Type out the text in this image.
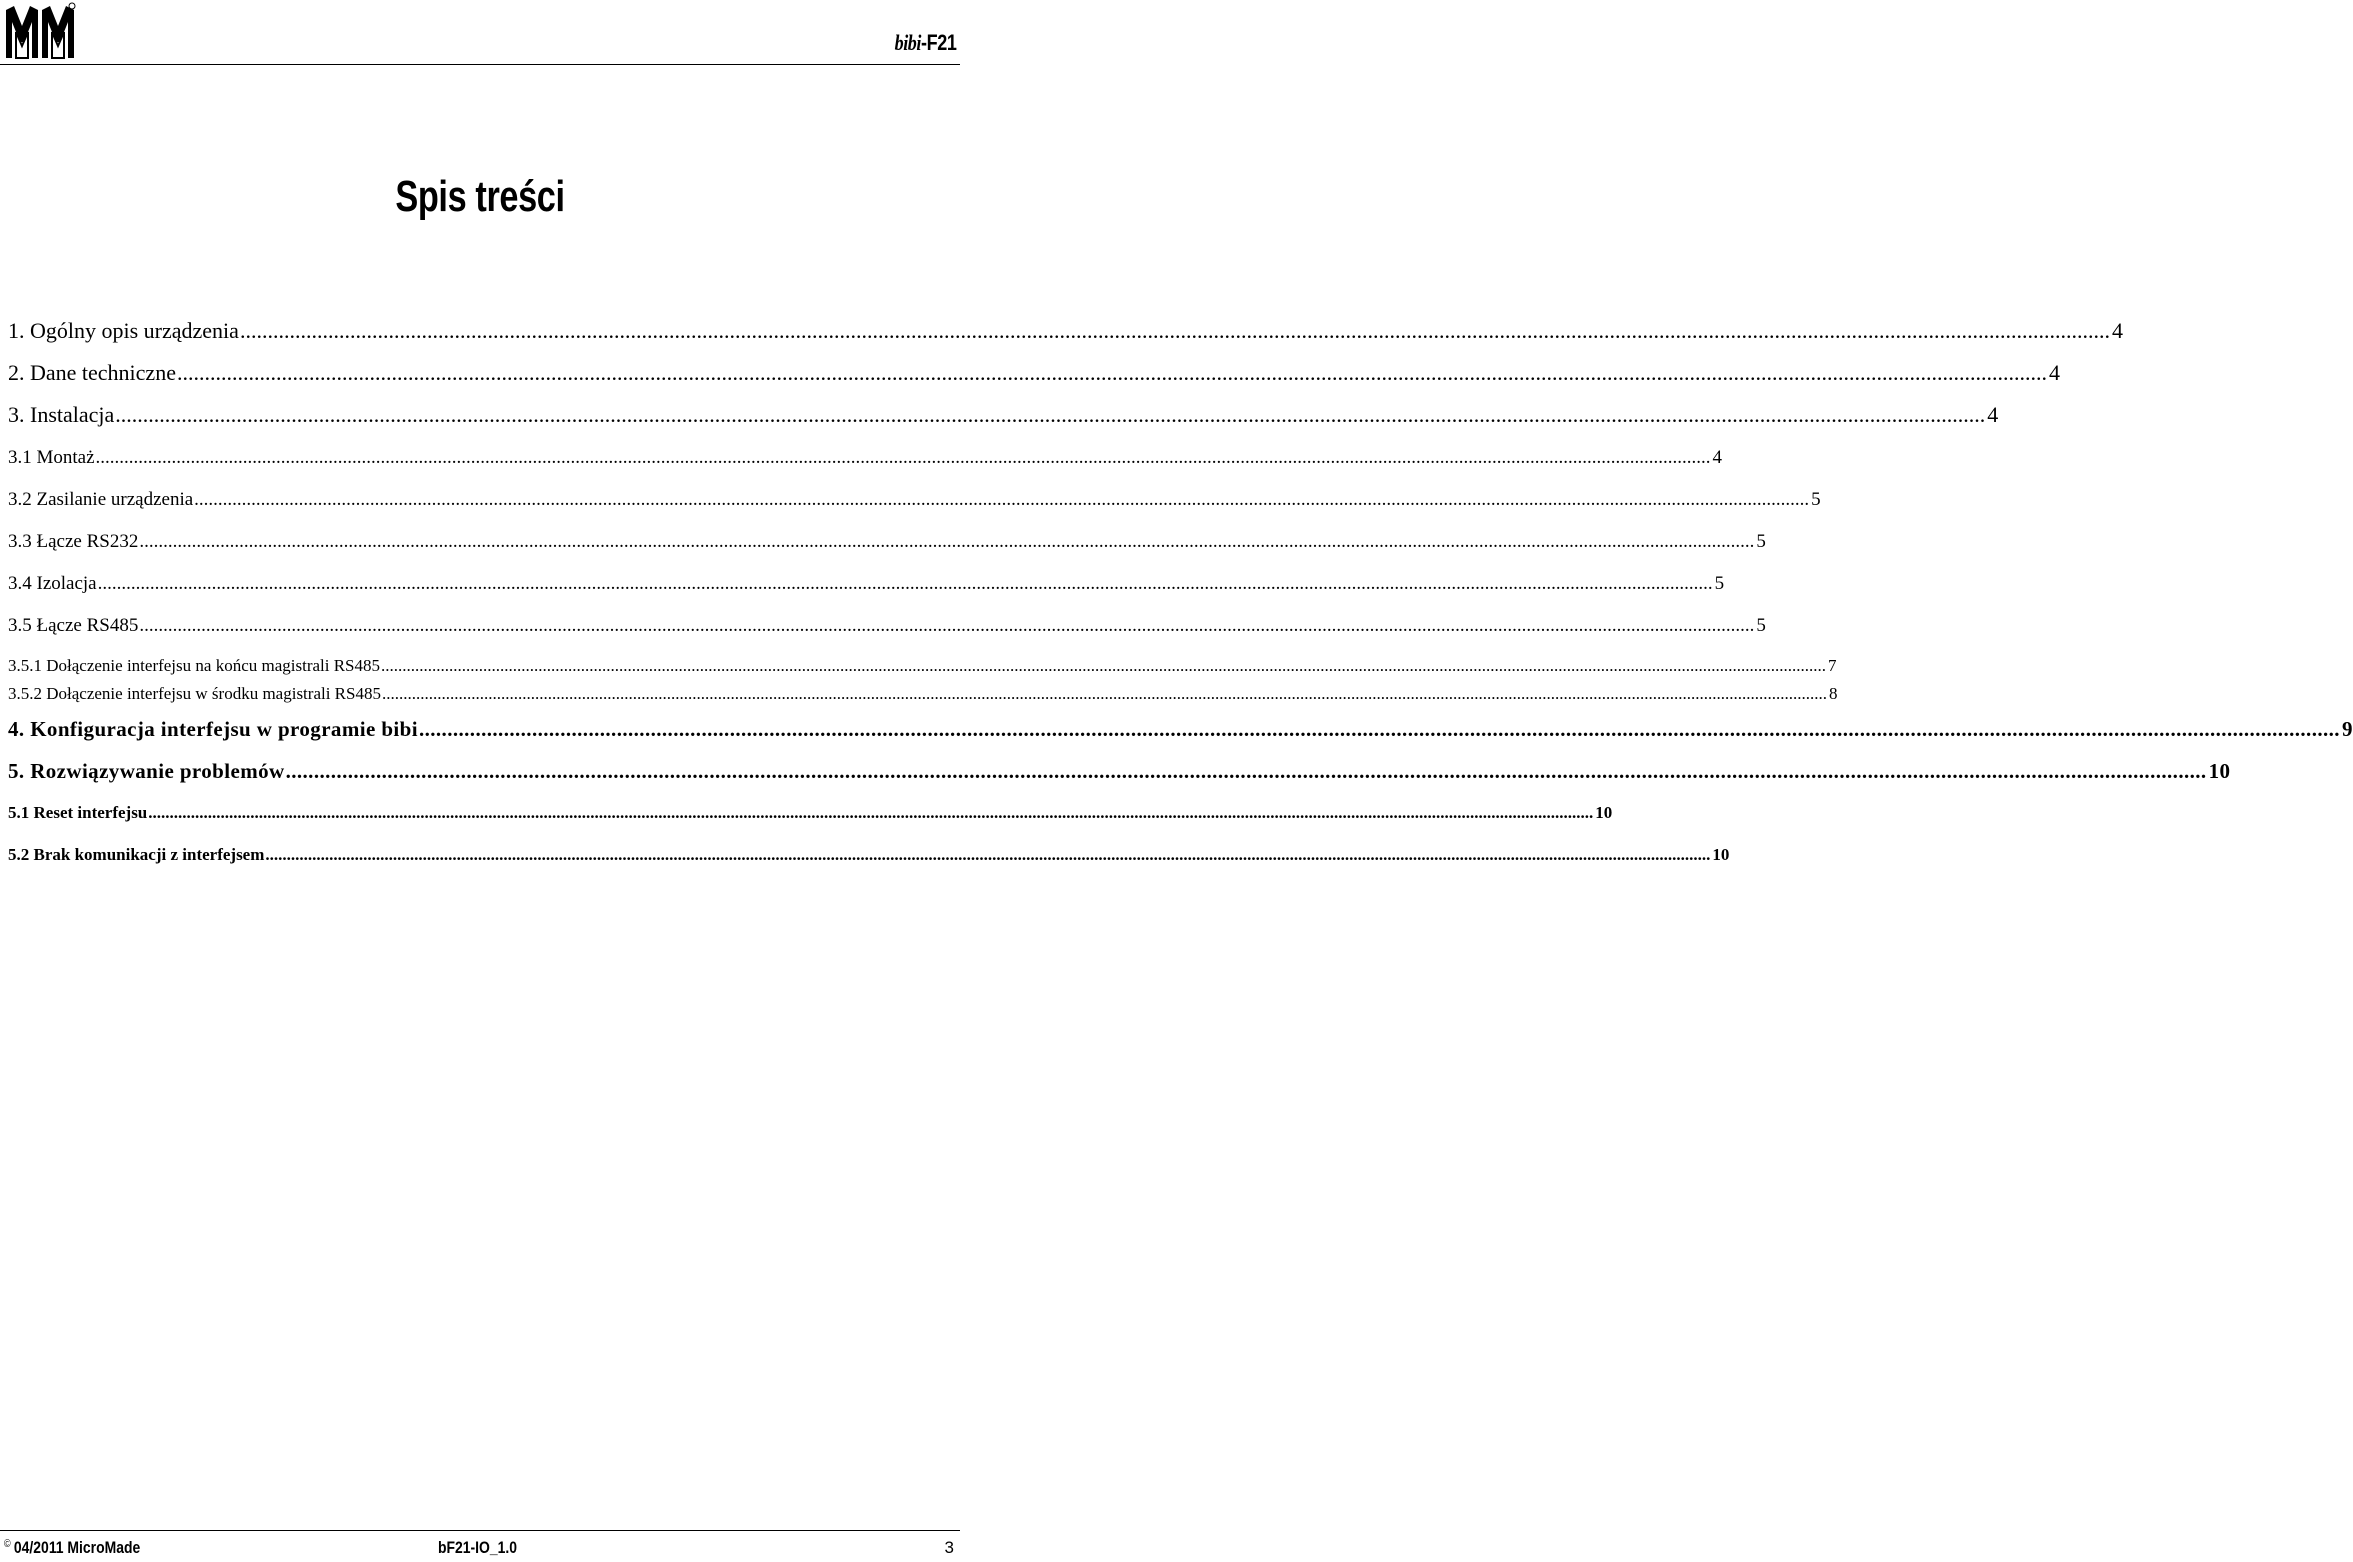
bibi-F21
Spis treści
1. Ogólny opis urządzenia .....	4
2. Dane techniczne .....	4
3. Instalacja .....	4
3.1 Montaż .....	4
3.2 Zasilanie urządzenia .....	5
3.3 Łącze RS232 .....	5
3.4 Izolacja .....	5
3.5 Łącze RS485 .....	5
3.5.1 Dołączenie interfejsu na końcu magistrali RS485 .....	7
3.5.2 Dołączenie interfejsu w środku magistrali RS485 .....	8
4. Konfiguracja interfejsu w programie bibi .....	9
5. Rozwiązywanie problemów .....	10
5.1 Reset interfejsu .....	10
5.2 Brak komunikacji z interfejsem .....	10
© 04/2011 MicroMade	bF21-IO_1.0	3
